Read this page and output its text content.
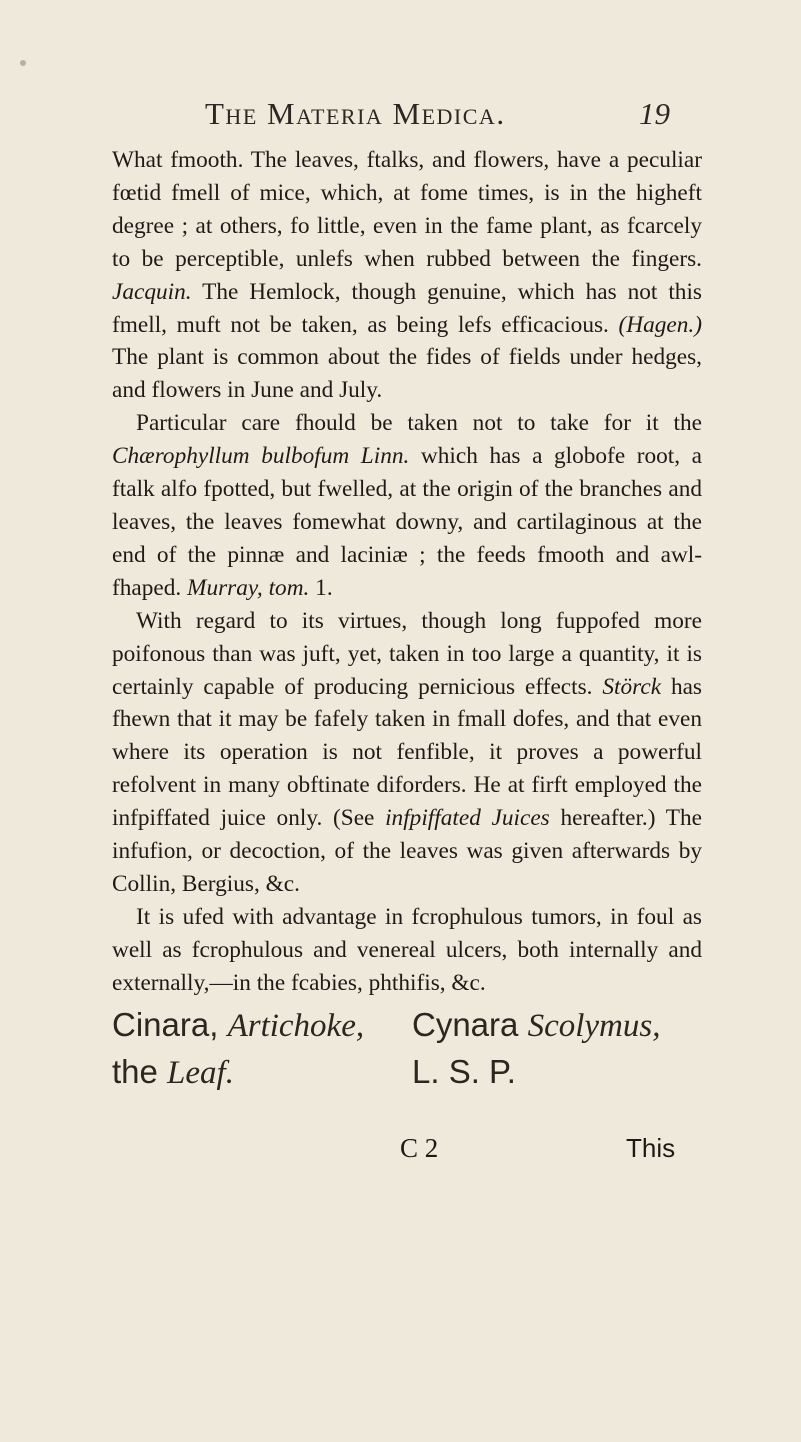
The Materia Medica.	19

What fmooth. The leaves, ftalks, and flowers, have a peculiar fœtid fmell of mice, which, at fome times, is in the higheft degree ; at others, fo little, even in the fame plant, as fcarcely to be perceptible, unlefs when rubbed between the fingers. Jacquin. The Hemlock, though genuine, which has not this fmell, muft not be taken, as being lefs efficacious. (Hagen.) The plant is common about the fides of fields under hedges, and flowers in June and July.

Particular care fhould be taken not to take for it the Chærophyllum bulbofum Linn. which has a globofe root, a ftalk alfo fpotted, but fwelled, at the origin of the branches and leaves, the leaves fomewhat downy, and cartilaginous at the end of the pinnæ and laciniæ ; the feeds fmooth and awl-fhaped. Murray, tom. 1.

With regard to its virtues, though long fuppofed more poifonous than was juft, yet, taken in too large a quantity, it is certainly capable of producing pernicious effects. Störck has fhewn that it may be fafely taken in fmall dofes, and that even where its operation is not fenfible, it proves a powerful refolvent in many obftinate diforders. He at firft employed the infpiffated juice only. (See infpiffated Juices hereafter.) The infufion, or decoction, of the leaves was given afterwards by Collin, Bergius, &c.

It is ufed with advantage in fcrophulous tumors, in foul as well as fcrophulous and venereal ulcers, both internally and externally,—in the fcabies, phthifis, &c.

Cinara, Artichoke,
the Leaf.
Cynara Scolymus,
L. S. P.
C 2	This
